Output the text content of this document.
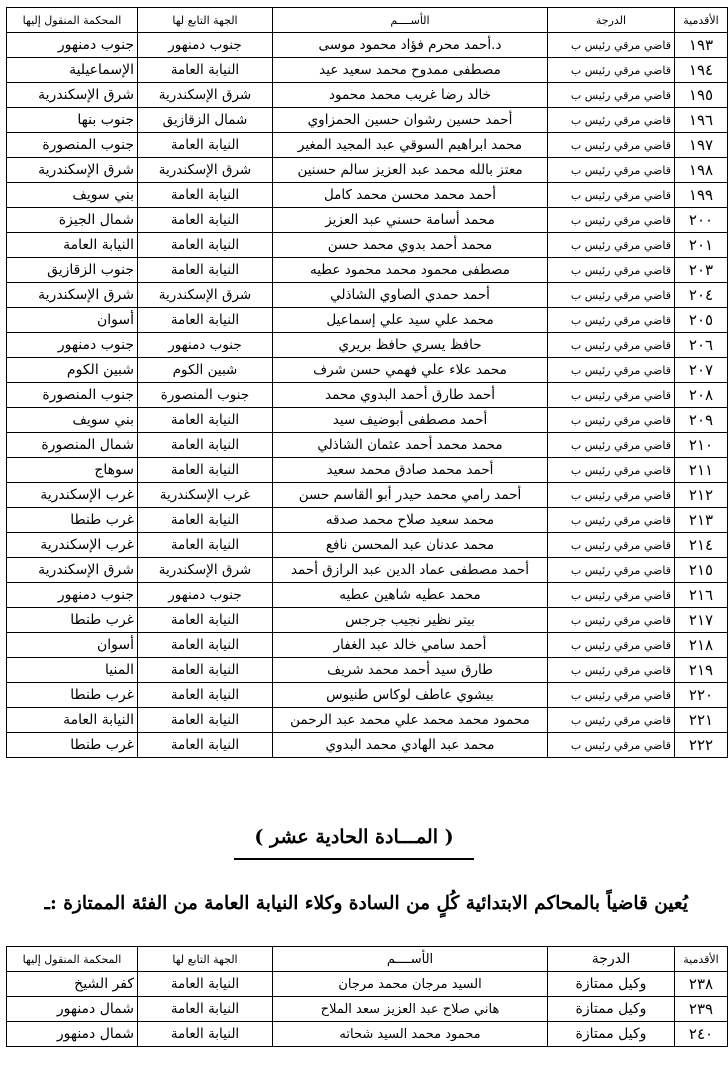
الأقدمية	الدرجة	الأســــم	الجهة التابع لها	المحكمة المنقول إليها
١٩٣	قاضي مرقي رئيس ب	د.أحمد محرم فؤاد محمود موسى	جنوب دمنهور	جنوب دمنهور
١٩٤	قاضي مرقي رئيس ب	مصطفى ممدوح محمد سعيد عيد	النيابة العامة	الإسماعيلية
١٩٥	قاضي مرقي رئيس ب	خالد رضا غريب محمد محمود	شرق الإسكندرية	شرق الإسكندرية
١٩٦	قاضي مرقي رئيس ب	أحمد حسين رشوان حسين الحمزاوي	شمال الزقازيق	جنوب بنها
١٩٧	قاضي مرقي رئيس ب	محمد ابراهيم السوقي عبد المجيد المغير	النيابة العامة	جنوب المنصورة
١٩٨	قاضي مرقي رئيس ب	معتز بالله محمد عبد العزيز سالم حسنين	شرق الإسكندرية	شرق الإسكندرية
١٩٩	قاضي مرقي رئيس ب	أحمد محمد محسن محمد كامل	النيابة العامة	بني سويف
٢٠٠	قاضي مرقي رئيس ب	محمد أسامة حسني عبد العزيز	النيابة العامة	شمال الجيزة
٢٠١	قاضي مرقي رئيس ب	محمد أحمد بدوي محمد حسن	النيابة العامة	النيابة العامة
٢٠٣	قاضي مرقي رئيس ب	مصطفى محمود محمد محمود عطيه	النيابة العامة	جنوب الزقازيق
٢٠٤	قاضي مرقي رئيس ب	أحمد حمدي الصاوي الشاذلي	شرق الإسكندرية	شرق الإسكندرية
٢٠٥	قاضي مرقي رئيس ب	محمد علي سيد علي إسماعيل	النيابة العامة	أسوان
٢٠٦	قاضي مرقي رئيس ب	حافظ يسري حافظ بريري	جنوب دمنهور	جنوب دمنهور
٢٠٧	قاضي مرقي رئيس ب	محمد علاء علي فهمي حسن شرف	شبين الكوم	شبين الكوم
٢٠٨	قاضي مرقي رئيس ب	أحمد طارق أحمد البدوي محمد	جنوب المنصورة	جنوب المنصورة
٢٠٩	قاضي مرقي رئيس ب	أحمد مصطفى أبوضيف سيد	النيابة العامة	بني سويف
٢١٠	قاضي مرقي رئيس ب	محمد محمد أحمد عثمان الشاذلي	النيابة العامة	شمال المنصورة
٢١١	قاضي مرقي رئيس ب	أحمد محمد صادق محمد سعيد	النيابة العامة	سوهاج
٢١٢	قاضي مرقي رئيس ب	أحمد رامي محمد حيدر أبو القاسم حسن	غرب الإسكندرية	غرب الإسكندرية
٢١٣	قاضي مرقي رئيس ب	محمد سعيد صلاح محمد صدقه	النيابة العامة	غرب طنطا
٢١٤	قاضي مرقي رئيس ب	محمد عدنان عبد المحسن نافع	النيابة العامة	غرب الإسكندرية
٢١٥	قاضي مرقي رئيس ب	أحمد مصطفى عماد الدين عبد الرازق أحمد	شرق الإسكندرية	شرق الإسكندرية
٢١٦	قاضي مرقي رئيس ب	محمد عطيه شاهين عطيه	جنوب دمنهور	جنوب دمنهور
٢١٧	قاضي مرقي رئيس ب	بيتر نظير نجيب جرجس	النيابة العامة	غرب طنطا
٢١٨	قاضي مرقي رئيس ب	أحمد سامي خالد عبد الغفار	النيابة العامة	أسوان
٢١٩	قاضي مرقي رئيس ب	طارق سيد أحمد محمد شريف	النيابة العامة	المنيا
٢٢٠	قاضي مرقي رئيس ب	بيشوي عاطف لوكاس طنيوس	النيابة العامة	غرب طنطا
٢٢١	قاضي مرقي رئيس ب	محمود محمد محمد علي محمد عبد الرحمن	النيابة العامة	النيابة العامة
٢٢٢	قاضي مرقي رئيس ب	محمد عبد الهادي محمد البدوي	النيابة العامة	غرب طنطا
( المـــادة الحادية عشر )
يُعين قاضياً بالمحاكم الابتدائية كُلٍ من السادة وكلاء النيابة العامة من الفئة الممتازة :ـ
الأقدمية	الدرجة	الأســــم	الجهة التابع لها	المحكمة المنقول إليها
٢٣٨	وكيل ممتازة	السيد مرجان محمد مرجان	النيابة العامة	كفر الشيخ
٢٣٩	وكيل ممتازة	هاني صلاح عبد العزيز سعد الملاح	النيابة العامة	شمال دمنهور
٢٤٠	وكيل ممتازة	محمود محمد السيد شحاته	النيابة العامة	شمال دمنهور
